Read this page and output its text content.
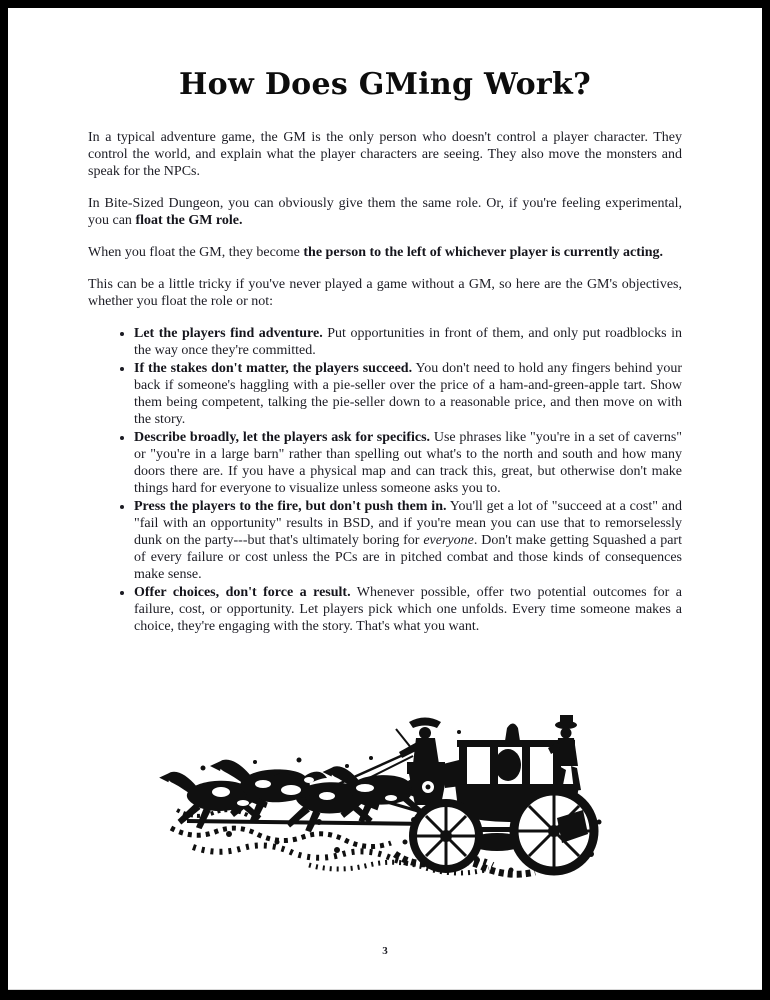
How Does GMing Work?

In a typical adventure game, the GM is the only person who doesn't control a player character. They control the world, and explain what the player characters are seeing. They also move the monsters and speak for the NPCs.

In Bite-Sized Dungeon, you can obviously give them the same role. Or, if you're feeling experimental, you can float the GM role.

When you float the GM, they become the person to the left of whichever player is currently acting.

This can be a little tricky if you've never played a game without a GM, so here are the GM's objectives, whether you float the role or not:

• Let the players find adventure. Put opportunities in front of them, and only put roadblocks in the way once they're committed.
• If the stakes don't matter, the players succeed. You don't need to hold any fingers behind your back if someone's haggling with a pie-seller over the price of a ham-and-green-apple tart. Show them being competent, talking the pie-seller down to a reasonable price, and then move on with the story.
• Describe broadly, let the players ask for specifics. Use phrases like "you're in a set of caverns" or "you're in a large barn" rather than spelling out what's to the north and south and how many doors there are. If you have a physical map and can track this, great, but otherwise don't make things hard for everyone to visualize unless someone asks you to.
• Press the players to the fire, but don't push them in. You'll get a lot of "succeed at a cost" and "fail with an opportunity" results in BSD, and if you're mean you can use that to remorselessly dunk on the party---but that's ultimately boring for everyone. Don't make getting Squashed a part of every failure or cost unless the PCs are in pitched combat and those kinds of consequences make sense.
• Offer choices, don't force a result. Whenever possible, offer two potential outcomes for a failure, cost, or opportunity. Let players pick which one unfolds. Every time someone makes a choice, they're engaging with the story. That's what you want.
3
